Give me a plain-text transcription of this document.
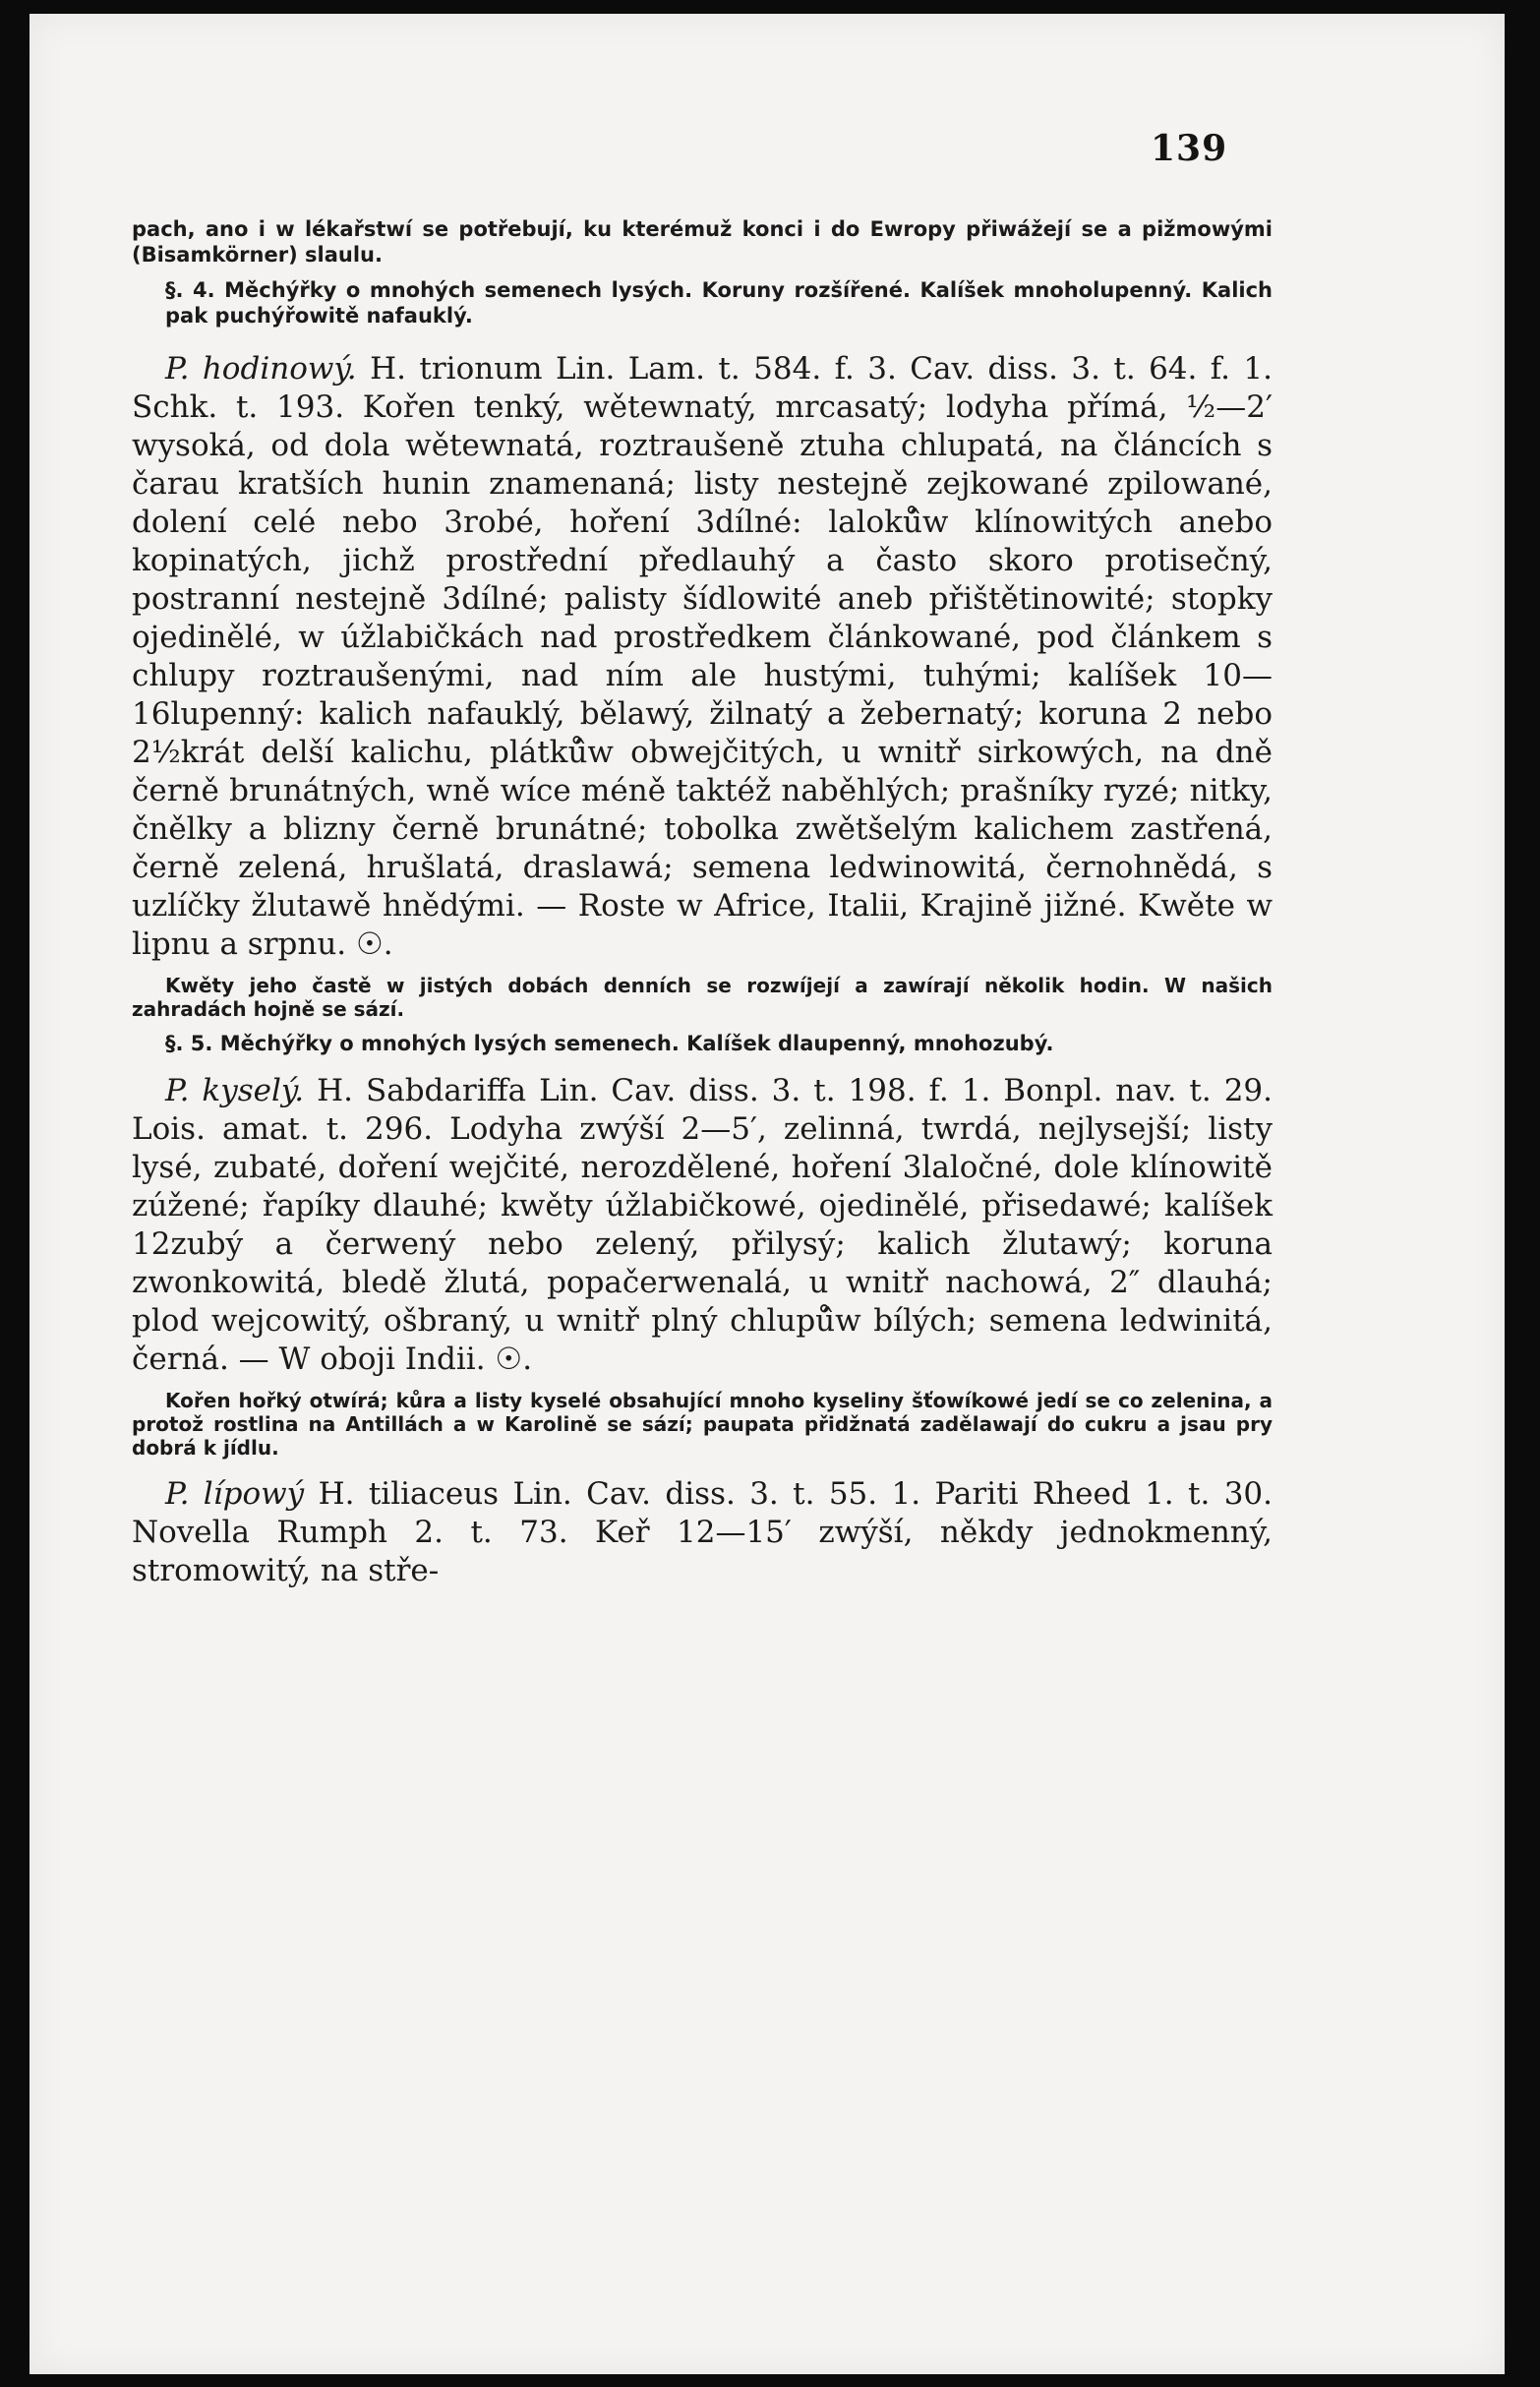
139

pach, ano i w lékařstwí se potřebují, ku kterémuž konci i do Ewropy přiwážejí se a pižmowými (Bisamkörner) slaulu.

§. 4. Měchýřky o mnohých semenech lysých. Koruny rozšířené. Kalíšek mnoholupenný. Kalich pak puchýřowitě nafauklý.

P. hodinowý. H. trionum Lin. Lam. t. 584. f. 3. Cav. diss. 3. t. 64. f. 1. Schk. t. 193. Kořen tenký, wětewnatý, mrcasatý; lodyha přímá, ½—2′ wysoká, od dola wětewnatá, roztraušeně ztuha chlupatá, na článcích s čarau kratších hunin znamenaná; listy nestejně zejkowané zpilowané, dolení celé nebo 3robé, hoření 3dílné: laloků̂w klínowitých anebo kopinatých, jichž prostřední předlauhý a často skoro protisečný, postranní nestejně 3dílné; palisty šídlowité aneb přištětinowité; stopky ojedinělé, w úžlabičkách nad prostředkem článkowané, pod článkem s chlupy roztraušenými, nad ním ale hustými, tuhými; kalíšek 10—16lupenný: kalich nafauklý, bělawý, žilnatý a žebernatý; koruna 2 nebo 2½krát delší kalichu, plátků̂w obwejčitých, u wnitř sirkowých, na dně černě brunátných, wně wíce méně taktéž naběhlých; prašníky ryzé; nitky, čnělky a blizny černě brunátné; tobolka zwětšelým kalichem zastřená, černě zelená, hrušlatá, draslawá; semena ledwinowitá, černohnědá, s uzlíčky žlutawě hnědými. — Roste w Africe, Italii, Krajině jižné. Kwěte w lipnu a srpnu. ☉.

Kwěty jeho častě w jistých dobách denních se rozwíjejí a zawírají několik hodin. W našich zahradách hojně se sází.

§. 5. Měchýřky o mnohých lysých semenech. Kalíšek dlaupenný, mnohozubý.

P. kyselý. H. Sabdariffa Lin. Cav. diss. 3. t. 198. f. 1. Bonpl. nav. t. 29. Lois. amat. t. 296. Lodyha zwýší 2—5′, zelinná, twrdá, nejlysejší; listy lysé, zubaté, doření wejčité, nerozdělené, hoření 3laločné, dole klínowitě zúžené; řapíky dlauhé; kwěty úžlabičkowé, ojedinělé, přisedawé; kalíšek 12zubý a čerwený nebo zelený, přilysý; kalich žlutawý; koruna zwonkowitá, bledě žlutá, popačerwenalá, u wnitř nachowá, 2″ dlauhá; plod wejcowitý, ošbraný, u wnitř plný chlupů̂w bílých; semena ledwinitá, černá. — W oboji Indii. ☉.

Kořen hořký otwírá; kůra a listy kyselé obsahující mnoho kyseliny šťowíkowé jedí se co zelenina, a protož rostlina na Antillách a w Karolině se sází; paupata přidžnatá zadělawají do cukru a jsau pry dobrá k jídlu.

P. lípowý H. tiliaceus Lin. Cav. diss. 3. t. 55. 1. Pariti Rheed 1. t. 30. Novella Rumph 2. t. 73. Keř 12—15′ zwýší, někdy jednokmenný, stromowitý, na stře-
